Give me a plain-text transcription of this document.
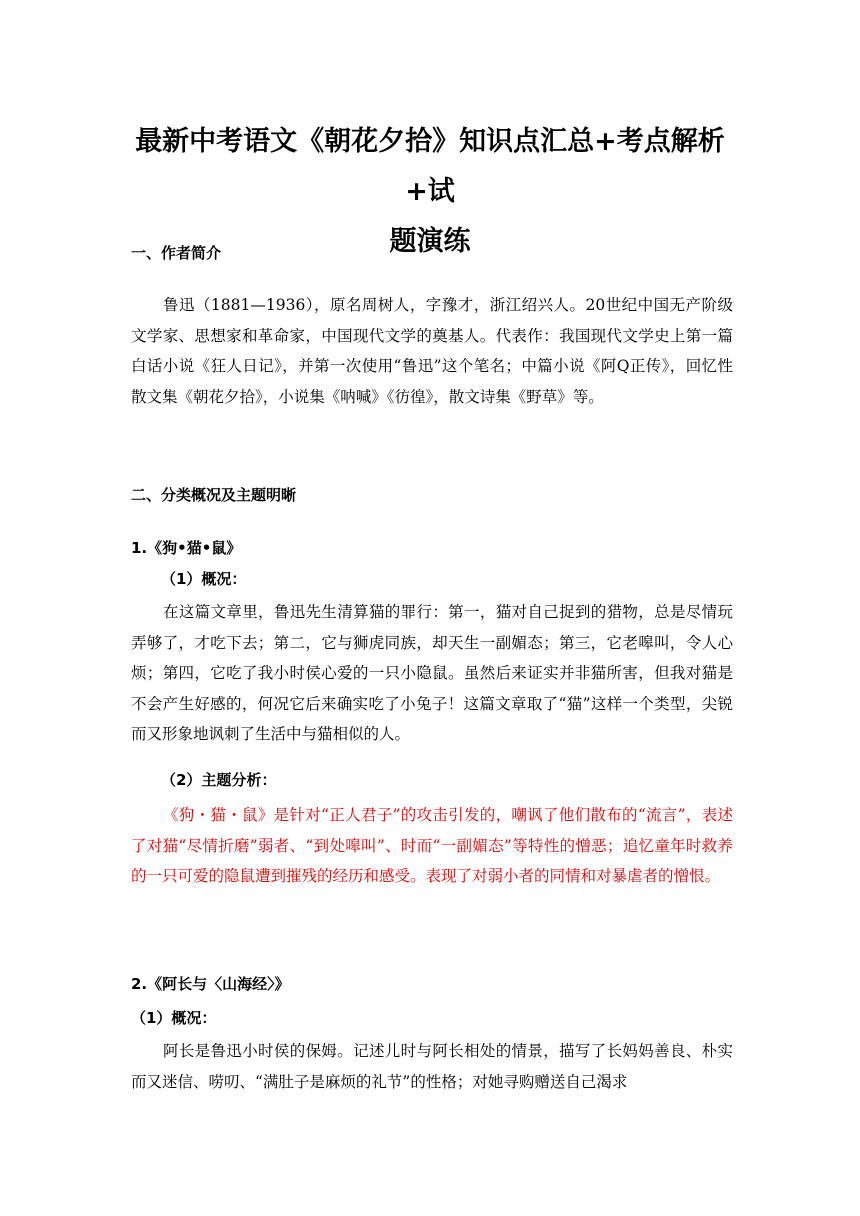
最新中考语文《朝花夕拾》知识点汇总+考点解析+试
题演练
一、作者简介

鲁迅（1881—1936），原名周树人，字豫才，浙江绍兴人。20世纪中国无产阶级文学家、思想家和革命家，中国现代文学的奠基人。代表作：我国现代文学史上第一篇白话小说《狂人日记》，并第一次使用“鲁迅”这个笔名；中篇小说《阿Q正传》，回忆性散文集《朝花夕拾》，小说集《呐喊》《彷徨》，散文诗集《野草》等。

二、分类概况及主题明晰
1.《狗•猫•鼠》
（1）概况：

在这篇文章里，鲁迅先生清算猫的罪行：第一，猫对自己捉到的猎物，总是尽情玩弄够了，才吃下去；第二，它与狮虎同族，却天生一副媚态；第三，它老嗥叫，令人心烦；第四，它吃了我小时侯心爱的一只小隐鼠。虽然后来证实并非猫所害，但我对猫是不会产生好感的，何况它后来确实吃了小兔子！这篇文章取了“猫”这样一个类型，尖锐而又形象地讽刺了生活中与猫相似的人。

（2）主题分析：

《狗・猫・鼠》是针对“正人君子”的攻击引发的，嘲讽了他们散布的“流言”，表述了对猫“尽情折磨”弱者、“到处嗥叫”、时而“一副媚态”等特性的憎恶；追忆童年时救养的一只可爱的隐鼠遭到摧残的经历和感受。表现了对弱小者的同情和对暴虐者的憎恨。

2.《阿长与〈山海经〉》
（1）概况：

阿长是鲁迅小时侯的保姆。记述儿时与阿长相处的情景，描写了长妈妈善良、朴实而又迷信、唠叨、“满肚子是麻烦的礼节”的性格；对她寻购赠送自己渴求
